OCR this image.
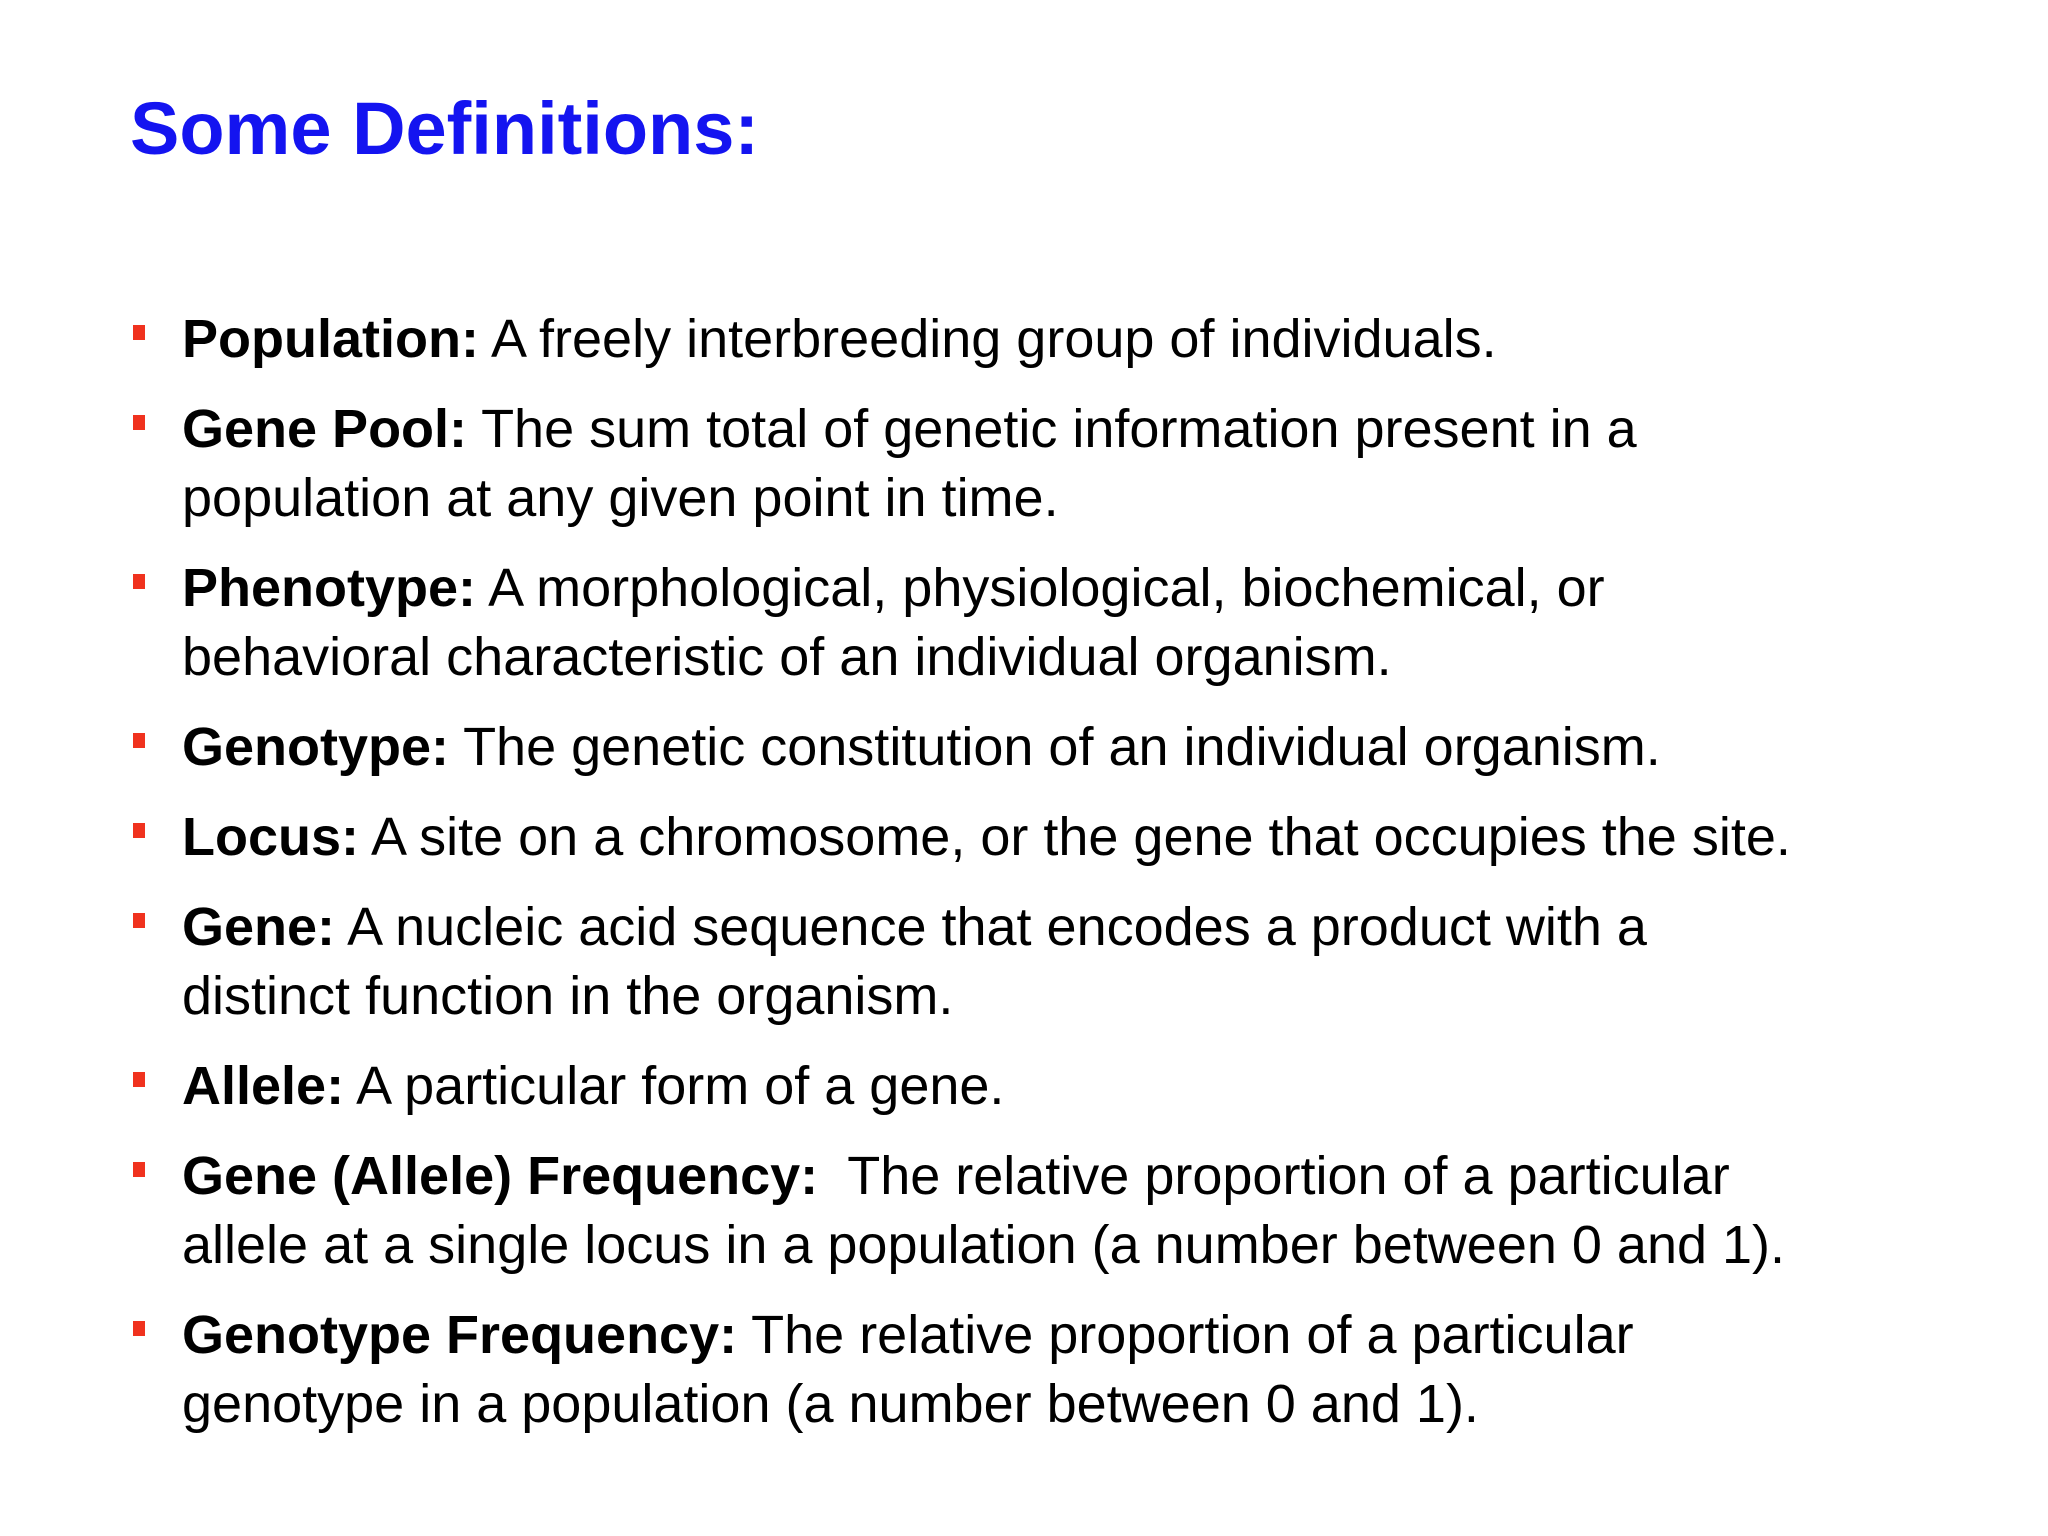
Some Definitions:
Population: A freely interbreeding group of individuals.
Gene Pool: The sum total of genetic information present in a
population at any given point in time.
Phenotype: A morphological, physiological, biochemical, or
behavioral characteristic of an individual organism.
Genotype: The genetic constitution of an individual organism.
Locus: A site on a chromosome, or the gene that occupies the site.
Gene: A nucleic acid sequence that encodes a product with a
distinct function in the organism.
Allele: A particular form of a gene.
Gene (Allele) Frequency:  The relative proportion of a particular
allele at a single locus in a population (a number between 0 and 1).
Genotype Frequency: The relative proportion of a particular
genotype in a population (a number between 0 and 1).
